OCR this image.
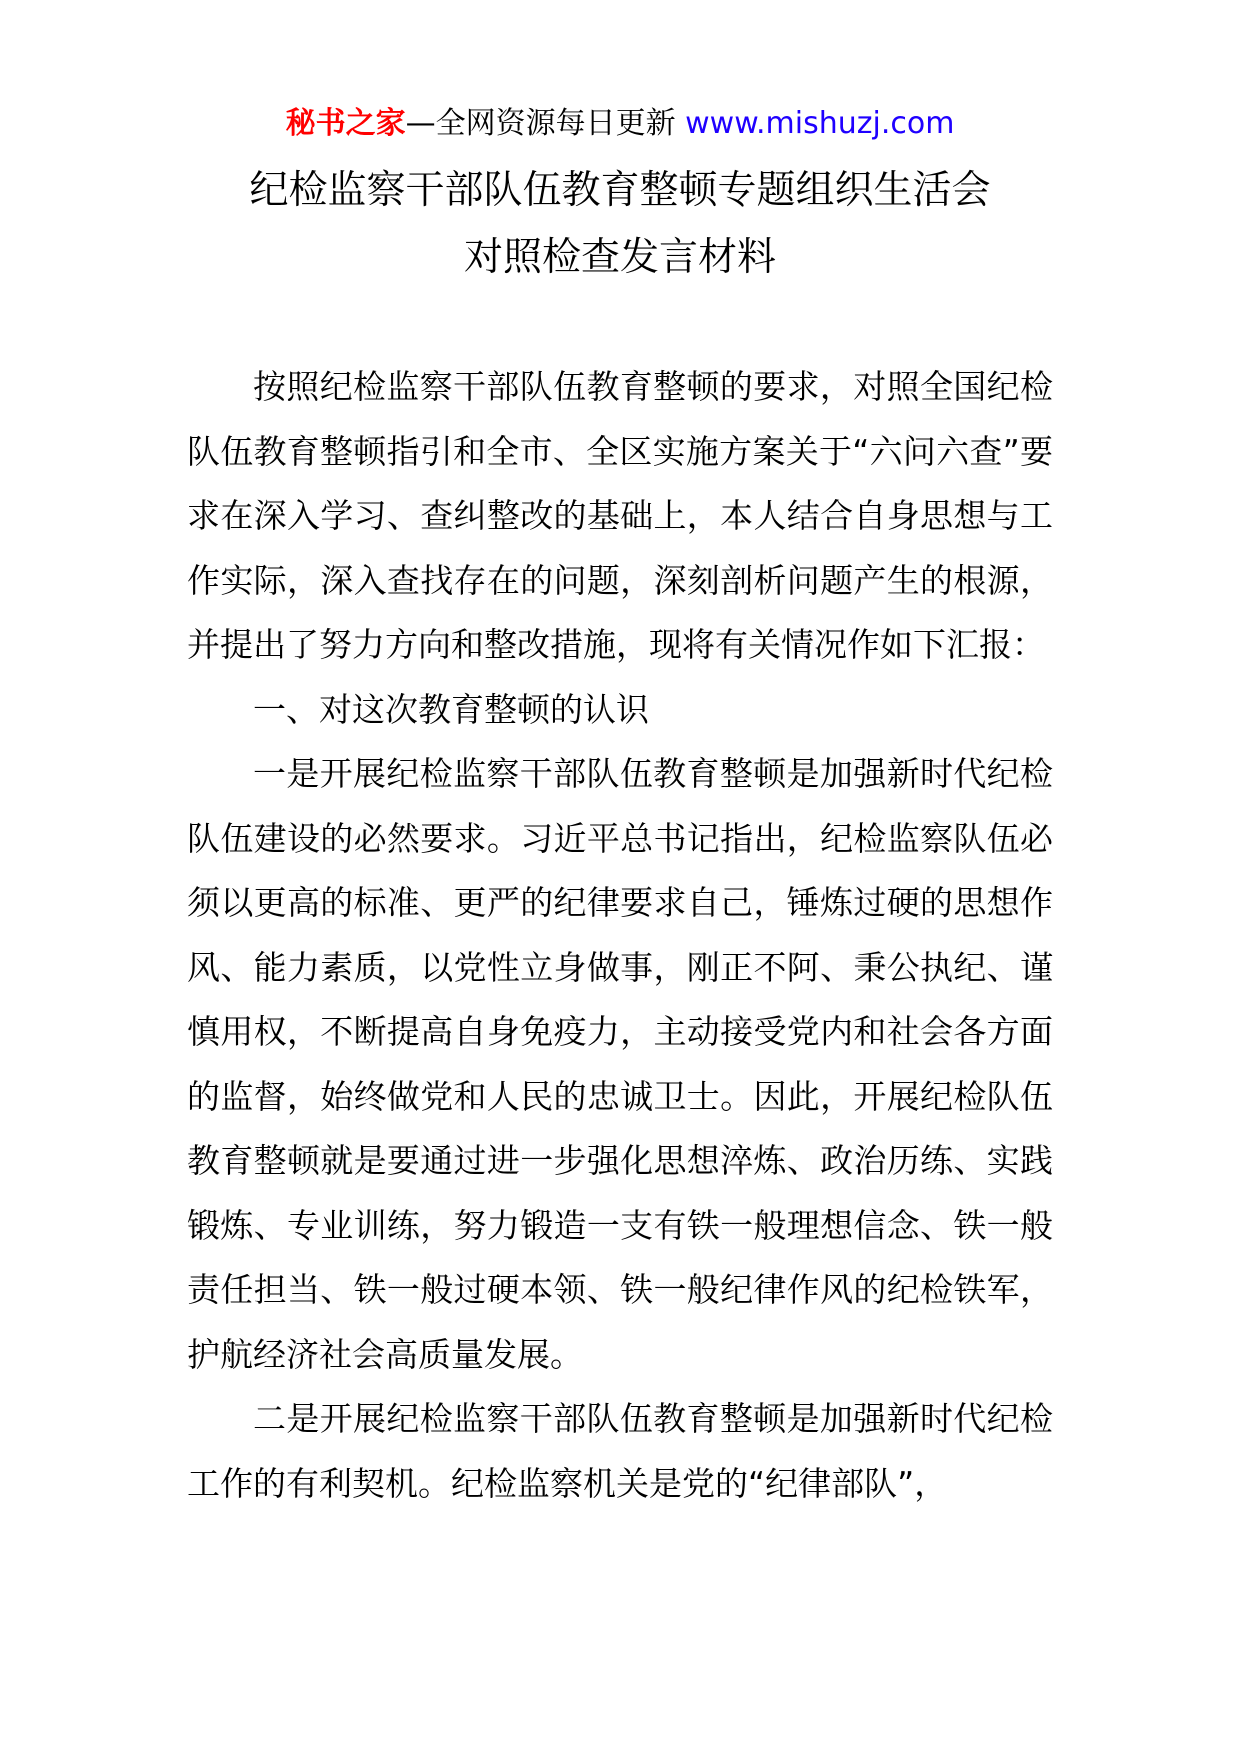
秘书之家—全网资源每日更新 www.mishuzj.com
纪检监察干部队伍教育整顿专题组织生活会
对照检查发言材料

按照纪检监察干部队伍教育整顿的要求，对照全国纪检队伍教育整顿指引和全市、全区实施方案关于“六问六查”要求在深入学习、查纠整改的基础上，本人结合自身思想与工作实际，深入查找存在的问题，深刻剖析问题产生的根源，并提出了努力方向和整改措施，现将有关情况作如下汇报：

一、对这次教育整顿的认识

一是开展纪检监察干部队伍教育整顿是加强新时代纪检队伍建设的必然要求。习近平总书记指出，纪检监察队伍必须以更高的标准、更严的纪律要求自己，锤炼过硬的思想作风、能力素质，以党性立身做事，刚正不阿、秉公执纪、谨慎用权，不断提高自身免疫力，主动接受党内和社会各方面的监督，始终做党和人民的忠诚卫士。因此，开展纪检队伍教育整顿就是要通过进一步强化思想淬炼、政治历练、实践锻炼、专业训练，努力锻造一支有铁一般理想信念、铁一般责任担当、铁一般过硬本领、铁一般纪律作风的纪检铁军，护航经济社会高质量发展。

二是开展纪检监察干部队伍教育整顿是加强新时代纪检工作的有利契机。纪检监察机关是党的“纪律部队”，
